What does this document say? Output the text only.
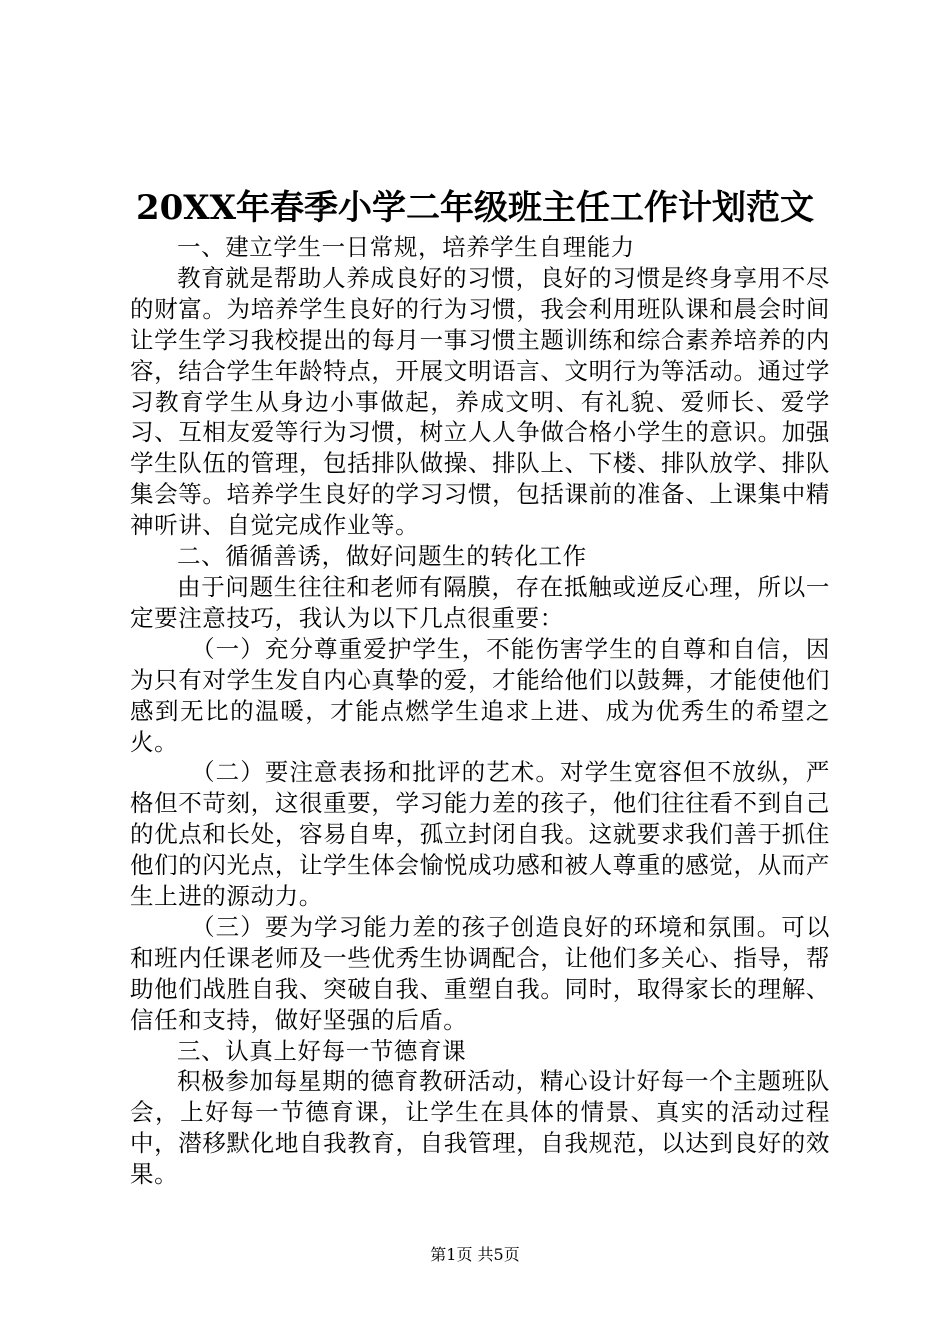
20XX年春季小学二年级班主任工作计划范文

一、建立学生一日常规，培养学生自理能力

教育就是帮助人养成良好的习惯，良好的习惯是终身享用不尽的财富。为培养学生良好的行为习惯，我会利用班队课和晨会时间让学生学习我校提出的每月一事习惯主题训练和综合素养培养的内容，结合学生年龄特点，开展文明语言、文明行为等活动。通过学习教育学生从身边小事做起，养成文明、有礼貌、爱师长、爱学习、互相友爱等行为习惯，树立人人争做合格小学生的意识。加强学生队伍的管理，包括排队做操、排队上、下楼、排队放学、排队集会等。培养学生良好的学习习惯，包括课前的准备、上课集中精神听讲、自觉完成作业等。

二、循循善诱，做好问题生的转化工作

由于问题生往往和老师有隔膜，存在抵触或逆反心理，所以一定要注意技巧，我认为以下几点很重要：

（一）充分尊重爱护学生，不能伤害学生的自尊和自信，因为只有对学生发自内心真挚的爱，才能给他们以鼓舞，才能使他们感到无比的温暖，才能点燃学生追求上进、成为优秀生的希望之火。

（二）要注意表扬和批评的艺术。对学生宽容但不放纵，严格但不苛刻，这很重要，学习能力差的孩子，他们往往看不到自己的优点和长处，容易自卑，孤立封闭自我。这就要求我们善于抓住他们的闪光点，让学生体会愉悦成功感和被人尊重的感觉，从而产生上进的源动力。

（三）要为学习能力差的孩子创造良好的环境和氛围。可以和班内任课老师及一些优秀生协调配合，让他们多关心、指导，帮助他们战胜自我、突破自我、重塑自我。同时，取得家长的理解、信任和支持，做好坚强的后盾。

三、认真上好每一节德育课

积极参加每星期的德育教研活动，精心设计好每一个主题班队会，上好每一节德育课，让学生在具体的情景、真实的活动过程中，潜移默化地自我教育，自我管理，自我规范，以达到良好的效果。

第1页 共5页
